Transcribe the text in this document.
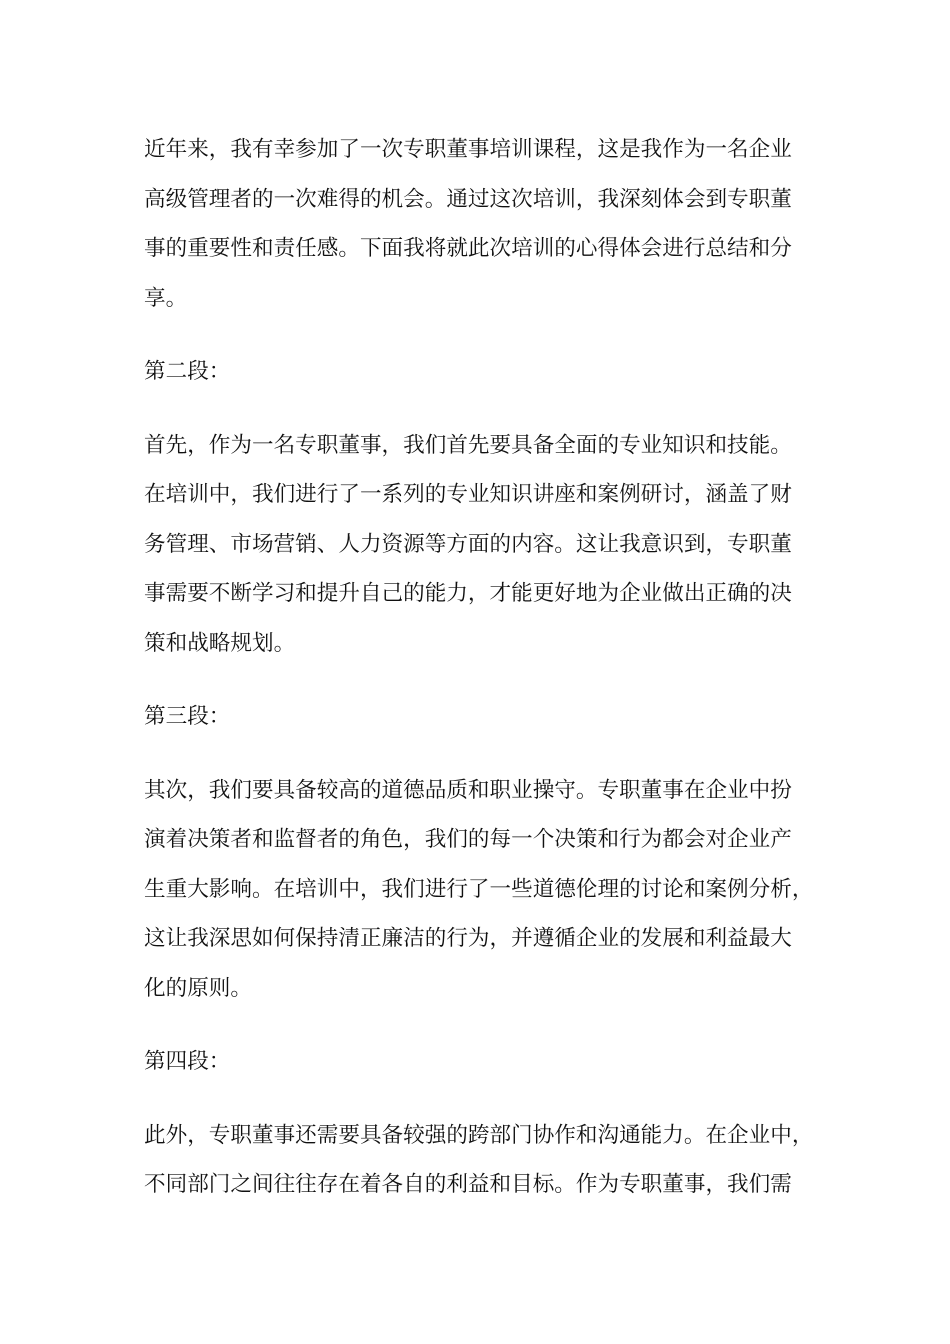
近年来，我有幸参加了一次专职董事培训课程，这是我作为一名企业
高级管理者的一次难得的机会。通过这次培训，我深刻体会到专职董
事的重要性和责任感。下面我将就此次培训的心得体会进行总结和分
享。
第二段：
首先，作为一名专职董事，我们首先要具备全面的专业知识和技能。
在培训中，我们进行了一系列的专业知识讲座和案例研讨，涵盖了财
务管理、市场营销、人力资源等方面的内容。这让我意识到，专职董
事需要不断学习和提升自己的能力，才能更好地为企业做出正确的决
策和战略规划。
第三段：
其次，我们要具备较高的道德品质和职业操守。专职董事在企业中扮
演着决策者和监督者的角色，我们的每一个决策和行为都会对企业产
生重大影响。在培训中，我们进行了一些道德伦理的讨论和案例分析，
这让我深思如何保持清正廉洁的行为，并遵循企业的发展和利益最大
化的原则。
第四段：
此外，专职董事还需要具备较强的跨部门协作和沟通能力。在企业中，
不同部门之间往往存在着各自的利益和目标。作为专职董事，我们需
